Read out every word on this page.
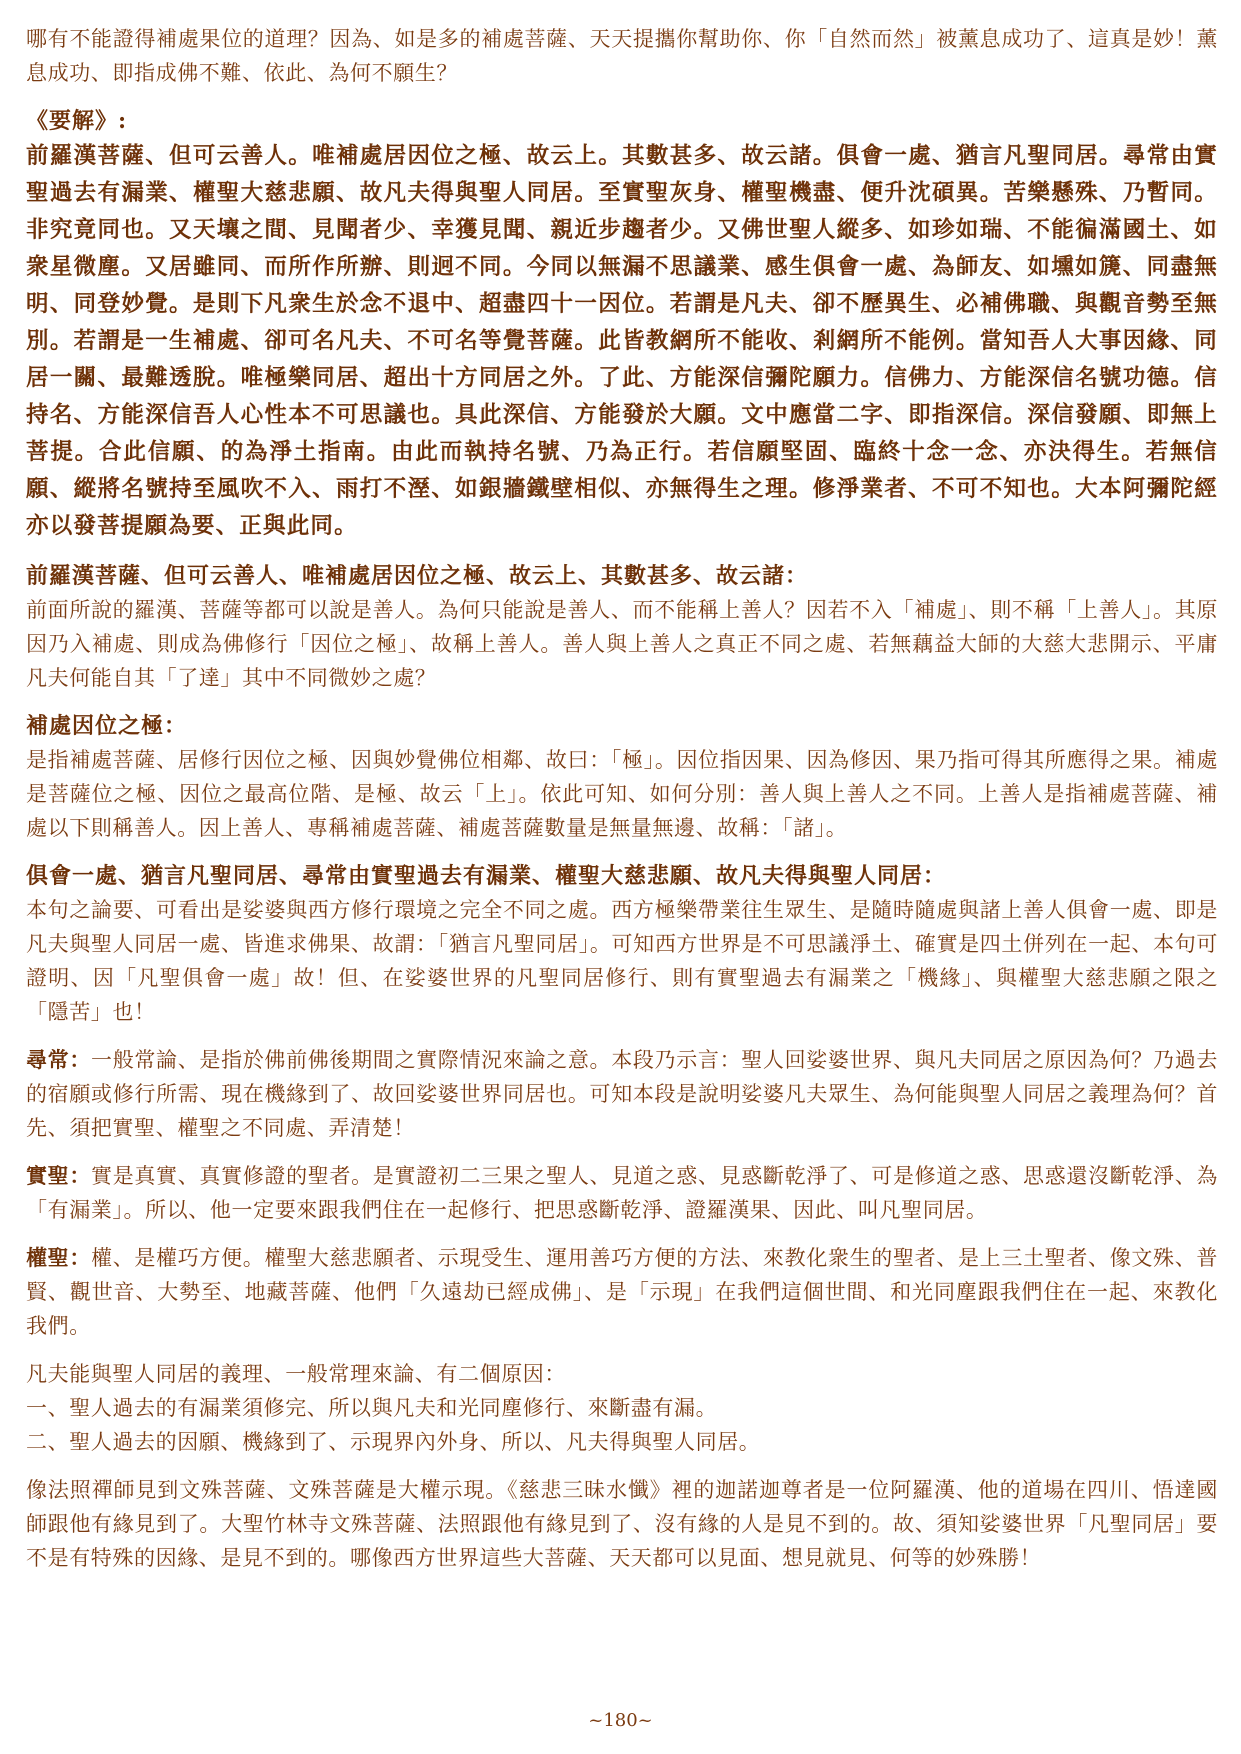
哪有不能證得補處果位的道理？因為、如是多的補處菩薩、天天提攜你幫助你、你「自然而然」被薰息成功了、這真是妙！薰息成功、即指成佛不難、依此、為何不願生？

《要解》:

前羅漢菩薩、但可云善人。唯補處居因位之極、故云上。其數甚多、故云諸。俱會一處、猶言凡聖同居。尋常由實聖過去有漏業、權聖大慈悲願、故凡夫得與聖人同居。至實聖灰身、權聖機盡、便升沈碩異。苦樂懸殊、乃暫同。非究竟同也。又天壤之間、見聞者少、幸獲見聞、親近步趨者少。又佛世聖人縱多、如珍如瑞、不能徧滿國土、如衆星微塵。又居雖同、而所作所辦、則迥不同。今同以無漏不思議業、感生俱會一處、為師友、如壎如篪、同盡無明、同登妙覺。是則下凡衆生於念不退中、超盡四十一因位。若謂是凡夫、卻不歷異生、必補佛職、與觀音勢至無別。若謂是一生補處、卻可名凡夫、不可名等覺菩薩。此皆教網所不能收、剎網所不能例。當知吾人大事因緣、同居一關、最難透脫。唯極樂同居、超出十方同居之外。了此、方能深信彌陀願力。信佛力、方能深信名號功德。信持名、方能深信吾人心性本不可思議也。具此深信、方能發於大願。文中應當二字、即指深信。深信發願、即無上菩提。合此信願、的為淨土指南。由此而執持名號、乃為正行。若信願堅固、臨終十念一念、亦決得生。若無信願、縱將名號持至風吹不入、雨打不溼、如銀牆鐵壁相似、亦無得生之理。修淨業者、不可不知也。大本阿彌陀經亦以發菩提願為要、正與此同。

前羅漢菩薩、但可云善人、唯補處居因位之極、故云上、其數甚多、故云諸：

前面所說的羅漢、菩薩等都可以說是善人。為何只能說是善人、而不能稱上善人？因若不入「補處」、則不稱「上善人」。其原因乃入補處、則成為佛修行「因位之極」、故稱上善人。善人與上善人之真正不同之處、若無藕益大師的大慈大悲開示、平庸凡夫何能自其「了達」其中不同微妙之處？

補處因位之極：

是指補處菩薩、居修行因位之極、因與妙覺佛位相鄰、故曰：「極」。因位指因果、因為修因、果乃指可得其所應得之果。補處是菩薩位之極、因位之最高位階、是極、故云「上」。依此可知、如何分別：善人與上善人之不同。上善人是指補處菩薩、補處以下則稱善人。因上善人、專稱補處菩薩、補處菩薩數量是無量無邊、故稱：「諸」。

俱會一處、猶言凡聖同居、尋常由實聖過去有漏業、權聖大慈悲願、故凡夫得與聖人同居：

本句之論要、可看出是娑婆與西方修行環境之完全不同之處。西方極樂帶業往生眾生、是隨時隨處與諸上善人俱會一處、即是凡夫與聖人同居一處、皆進求佛果、故謂：「猶言凡聖同居」。可知西方世界是不可思議淨土、確實是四土併列在一起、本句可證明、因「凡聖俱會一處」故！但、在娑婆世界的凡聖同居修行、則有實聖過去有漏業之「機緣」、與權聖大慈悲願之限之「隱苦」也！

尋常：一般常論、是指於佛前佛後期間之實際情況來論之意。本段乃示言：聖人回娑婆世界、與凡夫同居之原因為何？乃過去的宿願或修行所需、現在機緣到了、故回娑婆世界同居也。可知本段是說明娑婆凡夫眾生、為何能與聖人同居之義理為何？首先、須把實聖、權聖之不同處、弄清楚！

實聖：實是真實、真實修證的聖者。是實證初二三果之聖人、見道之惑、見惑斷乾淨了、可是修道之惑、思惑還沒斷乾淨、為「有漏業」。所以、他一定要來跟我們住在一起修行、把思惑斷乾淨、證羅漢果、因此、叫凡聖同居。

權聖：權、是權巧方便。權聖大慈悲願者、示現受生、運用善巧方便的方法、來教化衆生的聖者、是上三土聖者、像文殊、普賢、觀世音、大勢至、地藏菩薩、他們「久遠劫已經成佛」、是「示現」在我們這個世間、和光同塵跟我們住在一起、來教化我們。

凡夫能與聖人同居的義理、一般常理來論、有二個原因：

一、聖人過去的有漏業須修完、所以與凡夫和光同塵修行、來斷盡有漏。

二、聖人過去的因願、機緣到了、示現界內外身、所以、凡夫得與聖人同居。

像法照禪師見到文殊菩薩、文殊菩薩是大權示現。《慈悲三昧水懺》裡的迦諾迦尊者是一位阿羅漢、他的道場在四川、悟達國師跟他有緣見到了。大聖竹林寺文殊菩薩、法照跟他有緣見到了、沒有緣的人是見不到的。故、須知娑婆世界「凡聖同居」要不是有特殊的因緣、是見不到的。哪像西方世界這些大菩薩、天天都可以見面、想見就見、何等的妙殊勝！

~180~
